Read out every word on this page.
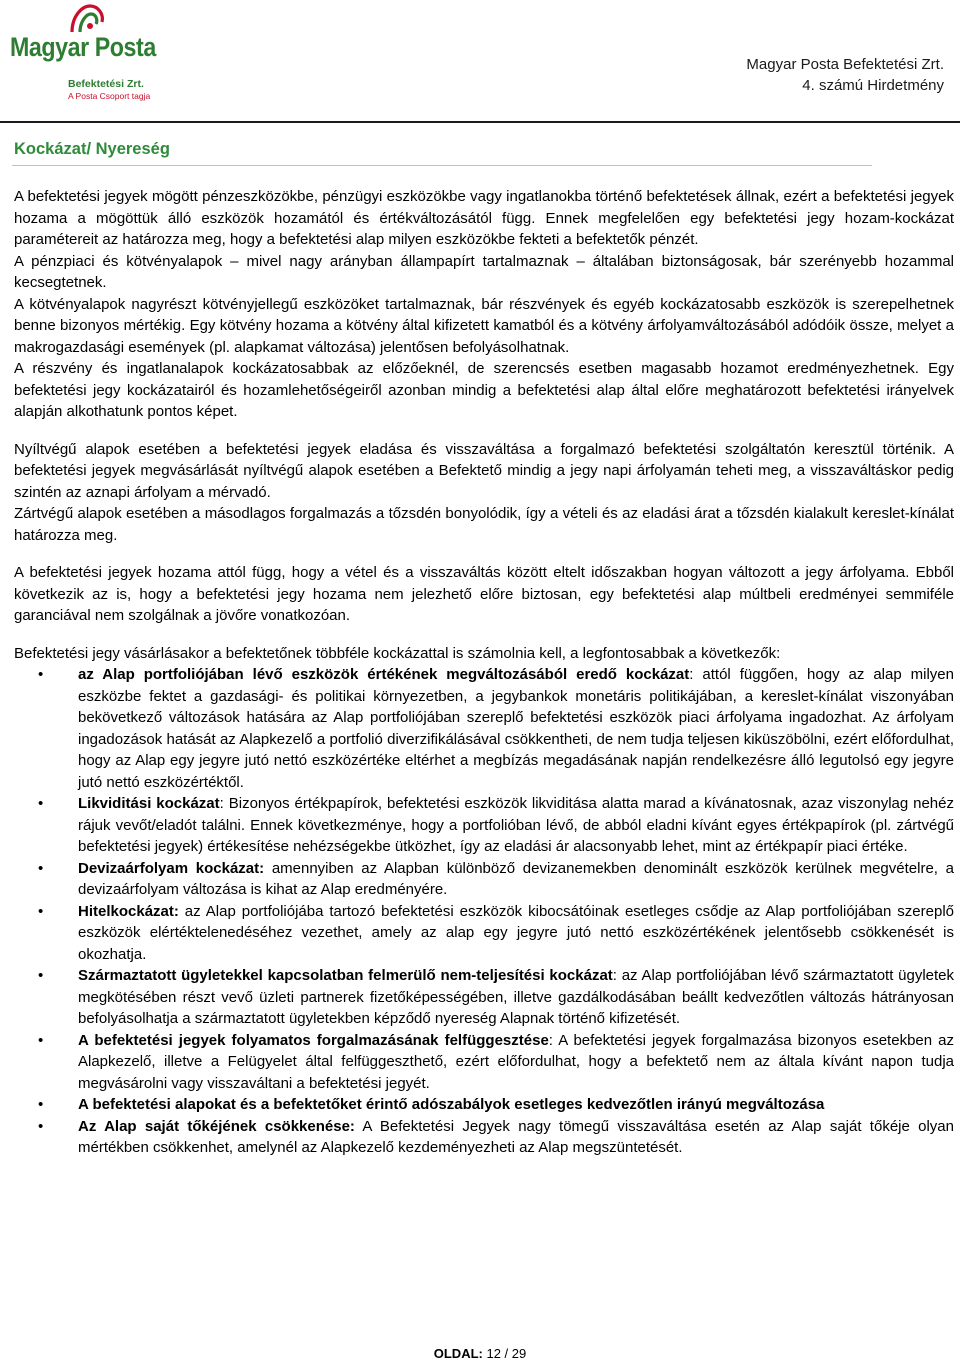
Magyar Posta
Befektetési Zrt.
A Posta Csoport tagja
Magyar Posta Befektetési Zrt.
4. számú Hirdetmény
Kockázat/ Nyereség

A befektetési jegyek mögött pénzeszközökbe, pénzügyi eszközökbe vagy ingatlanokba történő befektetések állnak, ezért a befektetési jegyek hozama a mögöttük álló eszközök hozamától és értékváltozásától függ. Ennek megfelelően egy befektetési jegy hozam-kockázat paramétereit az határozza meg, hogy a befektetési alap milyen eszközökbe fekteti a befektetők pénzét.

A pénzpiaci és kötvényalapok – mivel nagy arányban állampapírt tartalmaznak – általában biztonságosak, bár szerényebb hozammal kecsegtetnek.

A kötvényalapok nagyrészt kötvényjellegű eszközöket tartalmaznak, bár részvények és egyéb kockázatosabb eszközök is szerepelhetnek benne bizonyos mértékig. Egy kötvény hozama a kötvény által kifizetett kamatból és a kötvény árfolyamváltozásából adódóik össze, melyet a makrogazdasági események (pl. alapkamat változása) jelentősen befolyásolhatnak.

A részvény és ingatlanalapok kockázatosabbak az előzőeknél, de szerencsés esetben magasabb hozamot eredményezhetnek. Egy befektetési jegy kockázatairól és hozamlehetőségeiről azonban mindig a befektetési alap által előre meghatározott befektetési irányelvek alapján alkothatunk pontos képet.

Nyíltvégű alapok esetében a befektetési jegyek eladása és visszaváltása a forgalmazó befektetési szolgáltatón keresztül történik. A befektetési jegyek megvásárlását nyíltvégű alapok esetében a Befektető mindig a jegy napi árfolyamán teheti meg, a visszaváltáskor pedig szintén az aznapi árfolyam a mérvadó.

Zártvégű alapok esetében a másodlagos forgalmazás a tőzsdén bonyolódik, így a vételi és az eladási árat a tőzsdén kialakult kereslet-kínálat határozza meg.

A befektetési jegyek hozama attól függ, hogy a vétel és a visszaváltás között eltelt időszakban hogyan változott a jegy árfolyama. Ebből következik az is, hogy a befektetési jegy hozama nem jelezhető előre biztosan, egy befektetési alap múltbeli eredményei semmiféle garanciával nem szolgálnak a jövőre vonatkozóan.

Befektetési jegy vásárlásakor a befektetőnek többféle kockázattal is számolnia kell, a legfontosabbak a következők:

• az Alap portfoliójában lévő eszközök értékének megváltozásából eredő kockázat: attól függően, hogy az alap milyen eszközbe fektet a gazdasági- és politikai környezetben, a jegybankok monetáris politikájában, a kereslet-kínálat viszonyában bekövetkező változások hatására az Alap portfoliójában szereplő befektetési eszközök piaci árfolyama ingadozhat. Az árfolyam ingadozások hatását az Alapkezelő a portfolió diverzifikálásával csökkentheti, de nem tudja teljesen kiküszöbölni, ezért előfordulhat, hogy az Alap egy jegyre jutó nettó eszközértéke eltérhet a megbízás megadásának napján rendelkezésre álló legutolsó egy jegyre jutó nettó eszközértéktől.
• Likviditási kockázat: Bizonyos értékpapírok, befektetési eszközök likviditása alatta marad a kívánatosnak, azaz viszonylag nehéz rájuk vevőt/eladót találni. Ennek következménye, hogy a portfolióban lévő, de abból eladni kívánt egyes értékpapírok (pl. zártvégű befektetési jegyek) értékesítése nehézségekbe ütközhet, így az eladási ár alacsonyabb lehet, mint az értékpapír piaci értéke.
• Devizaárfolyam kockázat: amennyiben az Alapban különböző devizanemekben denominált eszközök kerülnek megvételre, a devizaárfolyam változása is kihat az Alap eredményére.
• Hitelkockázat: az Alap portfoliójába tartozó befektetési eszközök kibocsátóinak esetleges csődje az Alap portfoliójában szereplő eszközök elértéktelenedéséhez vezethet, amely az alap egy jegyre jutó nettó eszközértékének jelentősebb csökkenését is okozhatja.
• Származtatott ügyletekkel kapcsolatban felmerülő nem-teljesítési kockázat: az Alap portfoliójában lévő származtatott ügyletek megkötésében részt vevő üzleti partnerek fizetőképességében, illetve gazdálkodásában beállt kedvezőtlen változás hátrányosan befolyásolhatja a származtatott ügyletekben képződő nyereség Alapnak történő kifizetését.
• A befektetési jegyek folyamatos forgalmazásának felfüggesztése: A befektetési jegyek forgalmazása bizonyos esetekben az Alapkezelő, illetve a Felügyelet által felfüggeszthető, ezért előfordulhat, hogy a befektető nem az általa kívánt napon tudja megvásárolni vagy visszaváltani a befektetési jegyét.
• A befektetési alapokat és a befektetőket érintő adószabályok esetleges kedvezőtlen irányú megváltozása
• Az Alap saját tőkéjének csökkenése: A Befektetési Jegyek nagy tömegű visszaváltása esetén az Alap saját tőkéje olyan mértékben csökkenhet, amelynél az Alapkezelő kezdeményezheti az Alap megszüntetését.
OLDAL: 12 / 29
